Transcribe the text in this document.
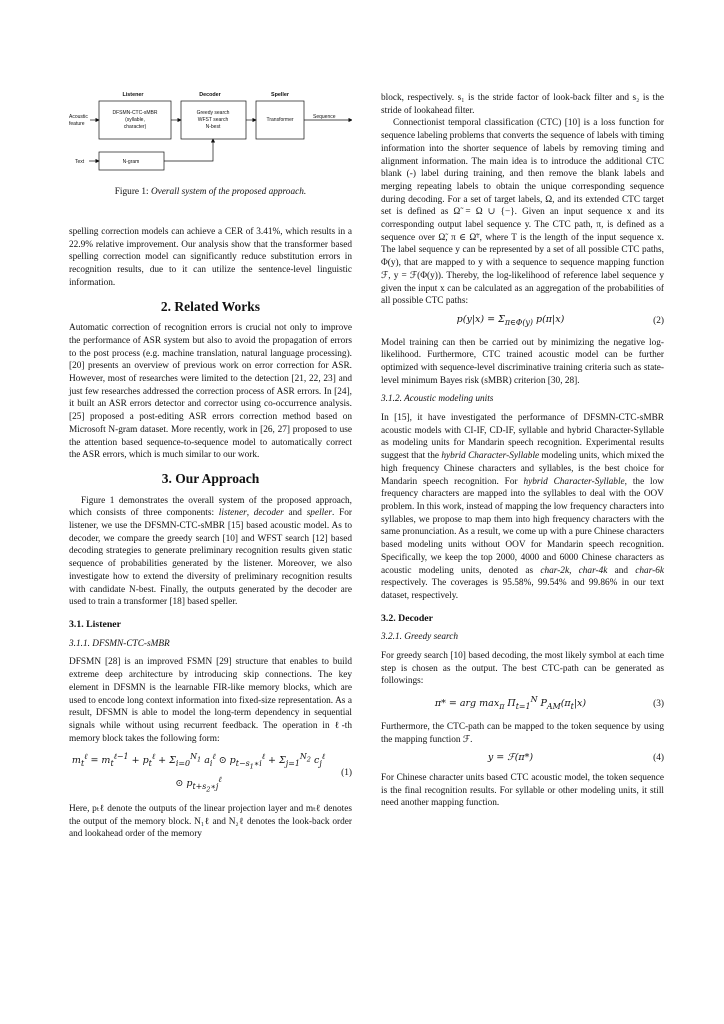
Listener	Decoder	Speller
DFSMN-CTC-sMBR
(syllable,
character)
Greedy search
WFST search
N-best
Transformer
Acoustic
feature
Sequence
Text	N-gram
Figure 1: Overall system of the proposed approach.

spelling correction models can achieve a CER of 3.41%, which results in a 22.9% relative improvement. Our analysis show that the transformer based spelling correction model can significantly reduce substitution errors in recognition results, due to it can utilize the sentence-level linguistic information.

2. Related Works

Automatic correction of recognition errors is crucial not only to improve the performance of ASR system but also to avoid the propagation of errors to the post process (e.g. machine translation, natural language processing). [20] presents an overview of previous work on error correction for ASR. However, most of researches were limited to the detection [21, 22, 23] and just few researches addressed the correction process of ASR errors. In [24], it built an ASR errors detector and corrector using co-occurrence analysis. [25] proposed a post-editing ASR errors correction method based on Microsoft N-gram dataset. More recently, work in [26, 27] proposed to use the attention based sequence-to-sequence model to automatically correct the ASR errors, which is much similar to our work.

3. Our Approach

Figure 1 demonstrates the overall system of the proposed approach, which consists of three components: listener, decoder and speller. For listener, we use the DFSMN-CTC-sMBR [15] based acoustic model. As to decoder, we compare the greedy search [10] and WFST search [12] based decoding strategies to generate preliminary recognition results given static sequence of probabilities generated by the listener. Moreover, we also investigate how to extend the diversity of preliminary recognition results with candidate N-best. Finally, the outputs generated by the decoder are used to train a transformer [18] based speller.

3.1. Listener
3.1.1. DFSMN-CTC-sMBR

DFSMN [28] is an improved FSMN [29] structure that enables to build extreme deep architecture by introducing skip connections. The key element in DFSMN is the learnable FIR-like memory blocks, which are used to encode long context information into fixed-size representation. As a result, DFSMN is able to model the long-term dependency in sequential signals while without using recurrent feedback. The operation in ℓ-th memory block takes the following form:

$m_t^\ell = m_t^{\ell-1} + p_t^\ell + \Sigma_{i=0}^{N_1}$ $a_i^\ell$ ⊙ $p_{t-s_1∗i}^\ell + \Sigma_{j=1}^{N_2}$ $c_j^\ell$ ⊙ $p_{t+s_2∗j}^\ell$
(1)

Here, pₜℓ denote the outputs of the linear projection layer and mₜℓ denotes the output of the memory block. N₁ℓ and N₂ℓ denotes the look-back order and lookahead order of the memory

block, respectively. s₁ is the stride factor of look-back filter and s₂ is the stride of lookahead filter.

Connectionist temporal classification (CTC) [10] is a loss function for sequence labeling problems that converts the sequence of labels with timing information into the shorter sequence of labels by removing timing and alignment information. The main idea is to introduce the additional CTC blank (-) label during training, and then remove the blank labels and merging repeating labels to obtain the unique corresponding sequence during decoding. For a set of target labels, Ω, and its extended CTC target set is defined as Ω̃ = Ω ∪ {−}. Given an input sequence x and its corresponding output label sequence y. The CTC path, π, is defined as a sequence over Ω̃, π ∈ Ω̃ᵀ, where T is the length of the input sequence x. The label sequence y can be represented by a set of all possible CTC paths, Φ(y), that are mapped to y with a sequence to sequence mapping function ℱ, y = ℱ(Φ(y)). Thereby, the log-likelihood of reference label sequence y given the input x can be calculated as an aggregation of the probabilities of all possible CTC paths:

$p(y|x) = \Sigma_{\pi\in\Phi(y)}$ p(π|x)	(2)

Model training can then be carried out by minimizing the negative log-likelihood. Furthermore, CTC trained acoustic model can be further optimized with sequence-level discriminative training criteria such as state-level minimum Bayes risk (sMBR) criterion [30, 28].

3.1.2. Acoustic modeling units

In [15], it have investigated the performance of DFSMN-CTC-sMBR acoustic models with CI-IF, CD-IF, syllable and hybrid Character-Syllable as modeling units for Mandarin speech recognition. Experimental results suggest that the hybrid Character-Syllable modeling units, which mixed the high frequency Chinese characters and syllables, is the best choice for Mandarin speech recognition. For hybrid Character-Syllable, the low frequency characters are mapped into the syllables to deal with the OOV problem. In this work, instead of mapping the low frequency characters into syllables, we propose to map them into high frequency characters with the same pronunciation. As a result, we come up with a pure Chinese characters based modeling units without OOV for Mandarin speech recognition. Specifically, we keep the top 2000, 4000 and 6000 Chinese characters as acoustic modeling units, denoted as char-2k, char-4k and char-6k respectively. The coverages is 95.58%, 99.54% and 99.86% in our text dataset, respectively.

3.2. Decoder
3.2.1. Greedy search

For greedy search [10] based decoding, the most likely symbol at each time step is chosen as the output. The best CTC-path can be generated as followings:

π* = arg $\max_\pi \Pi_{t=1}^N$ $P_{AM}(\pi_t|x)$	(3)

Furthermore, the CTC-path can be mapped to the token sequence by using the mapping function ℱ.

y = ℱ(π*)	(4)

For Chinese character units based CTC acoustic model, the token sequence is the final recognition results. For syllable or other modeling units, it still need another mapping function.
